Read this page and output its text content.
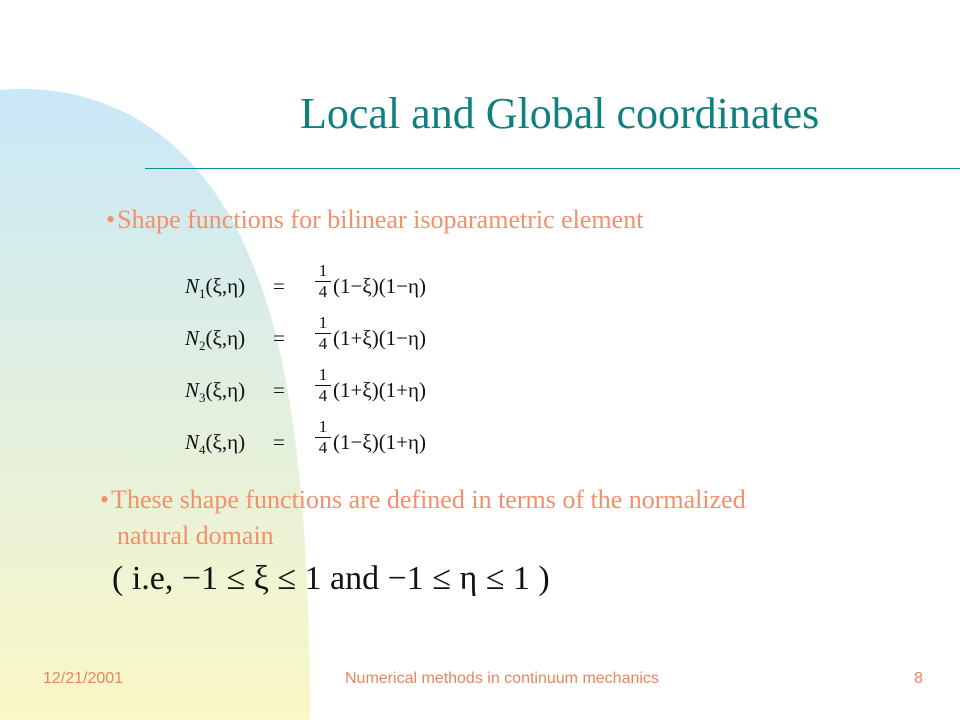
Local and Global coordinates
•Shape functions for bilinear isoparametric element
$N_1(\xi,\eta)$ =
1
4 (1−ξ)(1−η)
$N_2(\xi,\eta)$ =
1
4 (1+ξ)(1−η)
$N_3(\xi,\eta)$ =
1
4 (1+ξ)(1+η)
$N_4(\xi,\eta)$ =
1
4 (1−ξ)(1+η)
•These shape functions are defined in terms of the normalized
natural domain
( i.e, −1 ≤ ξ ≤ 1 and −1 ≤ η ≤ 1 )
12/21/2001	Numerical methods in continuum mechanics	8
